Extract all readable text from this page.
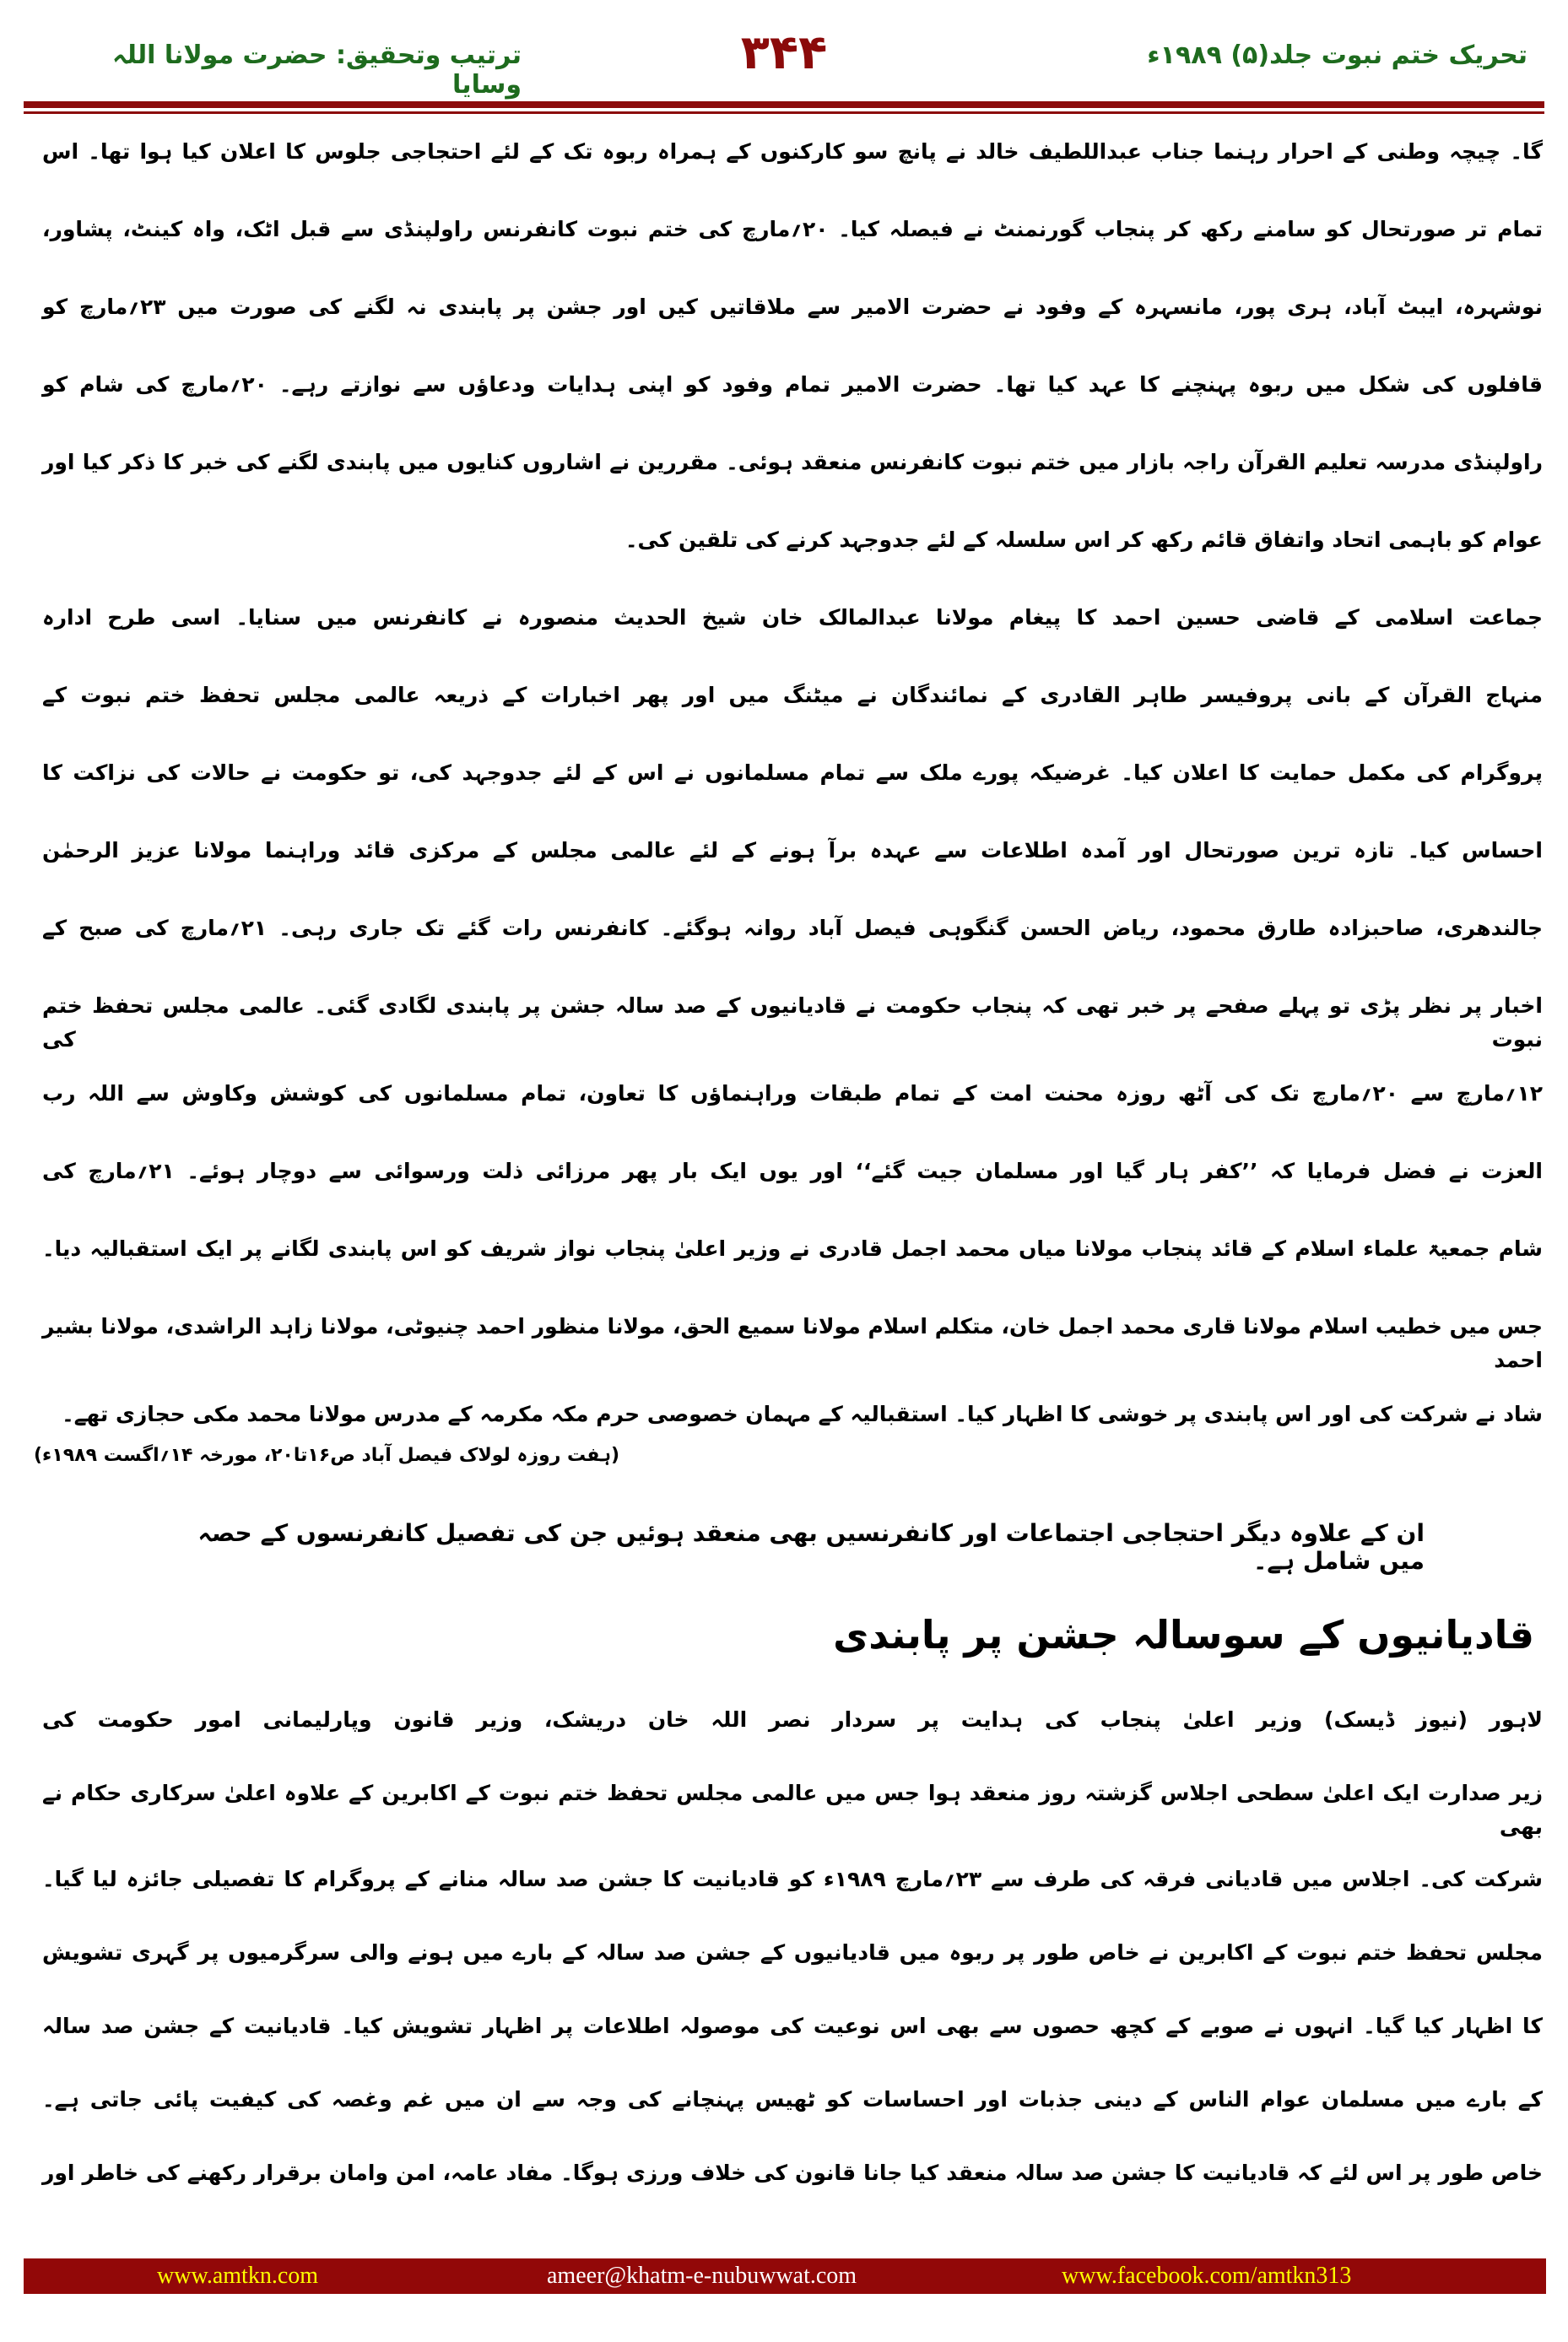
تحریک ختم نبوت جلد(۵) ۱۹۸۹ء
۳۴۴
ترتیب وتحقیق: حضرت مولانا اللہ وسایا
گا۔ چیچہ وطنی کے احرار رہنما جناب عبداللطیف خالد نے پانچ سو کارکنوں کے ہمراہ ربوہ تک کے لئے احتجاجی جلوس کا اعلان کیا ہوا تھا۔ اس
تمام تر صورتحال کو سامنے رکھ کر پنجاب گورنمنٹ نے فیصلہ کیا۔ ۲۰؍مارچ کی ختم نبوت کانفرنس راولپنڈی سے قبل اٹک، واہ کینٹ، پشاور،
نوشہرہ، ایبٹ آباد، ہری پور، مانسہرہ کے وفود نے حضرت الامیر سے ملاقاتیں کیں اور جشن پر پابندی نہ لگنے کی صورت میں ۲۳؍مارچ کو
قافلوں کی شکل میں ربوہ پہنچنے کا عہد کیا تھا۔ حضرت الامیر تمام وفود کو اپنی ہدایات ودعاؤں سے نوازتے رہے۔ ۲۰؍مارچ کی شام کو
راولپنڈی مدرسہ تعلیم القرآن راجہ بازار میں ختم نبوت کانفرنس منعقد ہوئی۔ مقررین نے اشاروں کنایوں میں پابندی لگنے کی خبر کا ذکر کیا اور
عوام کو باہمی اتحاد واتفاق قائم رکھ کر اس سلسلہ کے لئے جدوجہد کرنے کی تلقین کی۔
جماعت اسلامی کے قاضی حسین احمد کا پیغام مولانا عبدالمالک خان شیخ الحدیث منصورہ نے کانفرنس میں سنایا۔ اسی طرح ادارہ
منہاج القرآن کے بانی پروفیسر طاہر القادری کے نمائندگان نے میٹنگ میں اور پھر اخبارات کے ذریعہ عالمی مجلس تحفظ ختم نبوت کے
پروگرام کی مکمل حمایت کا اعلان کیا۔ غرضیکہ پورے ملک سے تمام مسلمانوں نے اس کے لئے جدوجہد کی، تو حکومت نے حالات کی نزاکت کا
احساس کیا۔ تازہ ترین صورتحال اور آمدہ اطلاعات سے عہدہ برآ ہونے کے لئے عالمی مجلس کے مرکزی قائد وراہنما مولانا عزیز الرحمٰن
جالندھری، صاحبزادہ طارق محمود، ریاض الحسن گنگوہی فیصل آباد روانہ ہوگئے۔ کانفرنس رات گئے تک جاری رہی۔ ۲۱؍مارچ کی صبح کے
اخبار پر نظر پڑی تو پہلے صفحے پر خبر تھی کہ پنجاب حکومت نے قادیانیوں کے صد سالہ جشن پر پابندی لگادی گئی۔ عالمی مجلس تحفظ ختم نبوت کی
۱۲؍مارچ سے ۲۰؍مارچ تک کی آٹھ روزہ محنت امت کے تمام طبقات وراہنماؤں کا تعاون، تمام مسلمانوں کی کوشش وکاوش سے اللہ رب
العزت نے فضل فرمایا کہ ’’کفر ہار گیا اور مسلمان جیت گئے‘‘ اور یوں ایک بار پھر مرزائی ذلت ورسوائی سے دوچار ہوئے۔ ۲۱؍مارچ کی
شام جمعیۃ علماء اسلام کے قائد پنجاب مولانا میاں محمد اجمل قادری نے وزیر اعلیٰ پنجاب نواز شریف کو اس پابندی لگانے پر ایک استقبالیہ دیا۔
جس میں خطیب اسلام مولانا قاری محمد اجمل خان، متکلم اسلام مولانا سمیع الحق، مولانا منظور احمد چنیوٹی، مولانا زاہد الراشدی، مولانا بشیر احمد
شاد نے شرکت کی اور اس پابندی پر خوشی کا اظہار کیا۔ استقبالیہ کے مہمان خصوصی حرم مکہ مکرمہ کے مدرس مولانا محمد مکی حجازی تھے۔
(ہفت روزہ لولاک فیصل آباد ص۱۶تا۲۰، مورخہ ۱۴؍اگست ۱۹۸۹ء)
ان کے علاوہ دیگر احتجاجی اجتماعات اور کانفرنسیں بھی منعقد ہوئیں جن کی تفصیل کانفرنسوں کے حصہ میں شامل ہے۔
قادیانیوں کے سوسالہ جشن پر پابندی
لاہور (نیوز ڈیسک) وزیر اعلیٰ پنجاب کی ہدایت پر سردار نصر اللہ خان دریشک، وزیر قانون وپارلیمانی امور حکومت کی
زیر صدارت ایک اعلیٰ سطحی اجلاس گزشتہ روز منعقد ہوا جس میں عالمی مجلس تحفظ ختم نبوت کے اکابرین کے علاوہ اعلیٰ سرکاری حکام نے بھی
شرکت کی۔ اجلاس میں قادیانی فرقہ کی طرف سے ۲۳؍مارچ ۱۹۸۹ء کو قادیانیت کا جشن صد سالہ منانے کے پروگرام کا تفصیلی جائزہ لیا گیا۔
مجلس تحفظ ختم نبوت کے اکابرین نے خاص طور پر ربوہ میں قادیانیوں کے جشن صد سالہ کے بارے میں ہونے والی سرگرمیوں پر گہری تشویش
کا اظہار کیا گیا۔ انہوں نے صوبے کے کچھ حصوں سے بھی اس نوعیت کی موصولہ اطلاعات پر اظہار تشویش کیا۔ قادیانیت کے جشن صد سالہ
کے بارے میں مسلمان عوام الناس کے دینی جذبات اور احساسات کو ٹھیس پہنچانے کی وجہ سے ان میں غم وغصہ کی کیفیت پائی جاتی ہے۔
خاص طور پر اس لئے کہ قادیانیت کا جشن صد سالہ منعقد کیا جانا قانون کی خلاف ورزی ہوگا۔ مفاد عامہ، امن وامان برقرار رکھنے کی خاطر اور
www.amtkn.com	ameer@khatm-e-nubuwwat.com	www.facebook.com/amtkn313
